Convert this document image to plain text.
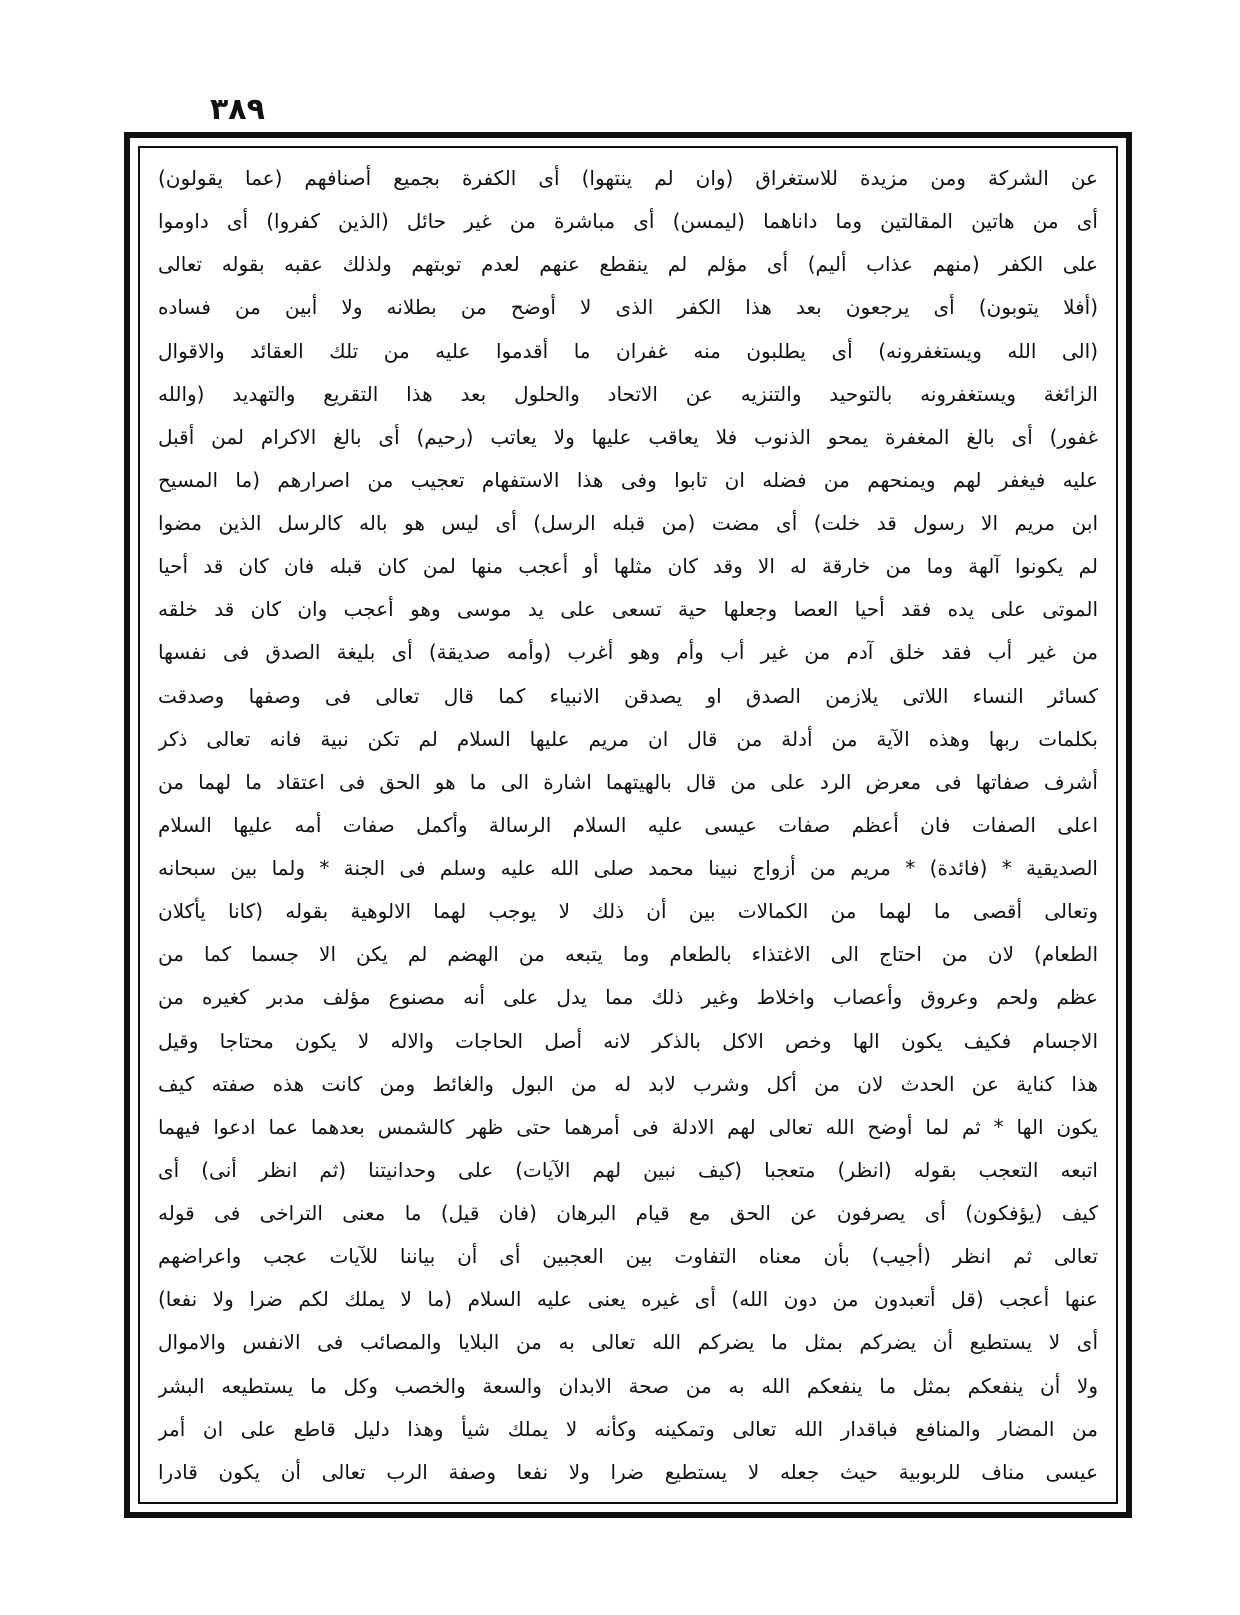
٣٨٩
عن الشركة ومن مزيدة للاستغراق (وان لم ينتهوا) أى الكفرة بجميع أصنافهم (عما يقولون)
أى من هاتين المقالتين وما داناهما (ليمسن) أى مباشرة من غير حائل (الذين كفروا) أى داوموا
على الكفر (منهم عذاب أليم) أى مؤلم لم ينقطع عنهم لعدم توبتهم ولذلك عقبه بقوله تعالى
(أفلا يتوبون) أى يرجعون بعد هذا الكفر الذى لا أوضح من بطلانه ولا أبين من فساده
(الى الله ويستغفرونه) أى يطلبون منه غفران ما أقدموا عليه من تلك العقائد والاقوال
الزائغة ويستغفرونه بالتوحيد والتنزيه عن الاتحاد والحلول بعد هذا التقريع والتهديد (والله
غفور) أى بالغ المغفرة يمحو الذنوب فلا يعاقب عليها ولا يعاتب (رحيم) أى بالغ الاكرام لمن أقبل
عليه فيغفر لهم ويمنحهم من فضله ان تابوا وفى هذا الاستفهام تعجيب من اصرارهم (ما المسيح
ابن مريم الا رسول قد خلت) أى مضت (من قبله الرسل) أى ليس هو باله كالرسل الذين مضوا
لم يكونوا آلهة وما من خارقة له الا وقد كان مثلها أو أعجب منها لمن كان قبله فان كان قد أحيا
الموتى على يده فقد أحيا العصا وجعلها حية تسعى على يد موسى وهو أعجب وان كان قد خلقه
من غير أب فقد خلق آدم من غير أب وأم وهو أغرب (وأمه صديقة) أى بليغة الصدق فى نفسها
كسائر النساء اللاتى يلازمن الصدق او يصدقن الانبياء كما قال تعالى فى وصفها وصدقت
بكلمات ربها وهذه الآية من أدلة من قال ان مريم عليها السلام لم تكن نبية فانه تعالى ذكر
أشرف صفاتها فى معرض الرد على من قال بالهيتهما اشارة الى ما هو الحق فى اعتقاد ما لهما من
اعلى الصفات فان أعظم صفات عيسى عليه السلام الرسالة وأكمل صفات أمه عليها السلام
الصديقية * (فائدة) * مريم من أزواج نبينا محمد صلى الله عليه وسلم فى الجنة * ولما بين سبحانه
وتعالى أقصى ما لهما من الكمالات بين أن ذلك لا يوجب لهما الالوهية بقوله (كانا يأكلان
الطعام) لان من احتاج الى الاغتذاء بالطعام وما يتبعه من الهضم لم يكن الا جسما كما من
عظم ولحم وعروق وأعصاب واخلاط وغير ذلك مما يدل على أنه مصنوع مؤلف مدبر كغيره من
الاجسام فكيف يكون الها وخص الاكل بالذكر لانه أصل الحاجات والاله لا يكون محتاجا وقيل
هذا كناية عن الحدث لان من أكل وشرب لابد له من البول والغائط ومن كانت هذه صفته كيف
يكون الها * ثم لما أوضح الله تعالى لهم الادلة فى أمرهما حتى ظهر كالشمس بعدهما عما ادعوا فيهما
اتبعه التعجب بقوله (انظر) متعجبا (كيف نبين لهم الآيات) على وحدانيتنا (ثم انظر أنى) أى
كيف (يؤفكون) أى يصرفون عن الحق مع قيام البرهان (فان قيل) ما معنى التراخى فى قوله
تعالى ثم انظر (أجيب) بأن معناه التفاوت بين العجبين أى أن بياننا للآيات عجب واعراضهم
عنها أعجب (قل أتعبدون من دون الله) أى غيره يعنى عليه السلام (ما لا يملك لكم ضرا ولا نفعا)
أى لا يستطيع أن يضركم بمثل ما يضركم الله تعالى به من البلايا والمصائب فى الانفس والاموال
ولا أن ينفعكم بمثل ما ينفعكم الله به من صحة الابدان والسعة والخصب وكل ما يستطيعه البشر
من المضار والمنافع فباقدار الله تعالى وتمكينه وكأنه لا يملك شيأ وهذا دليل قاطع على ان أمر
عيسى مناف للربوبية حيث جعله لا يستطيع ضرا ولا نفعا وصفة الرب تعالى أن يكون قادرا
